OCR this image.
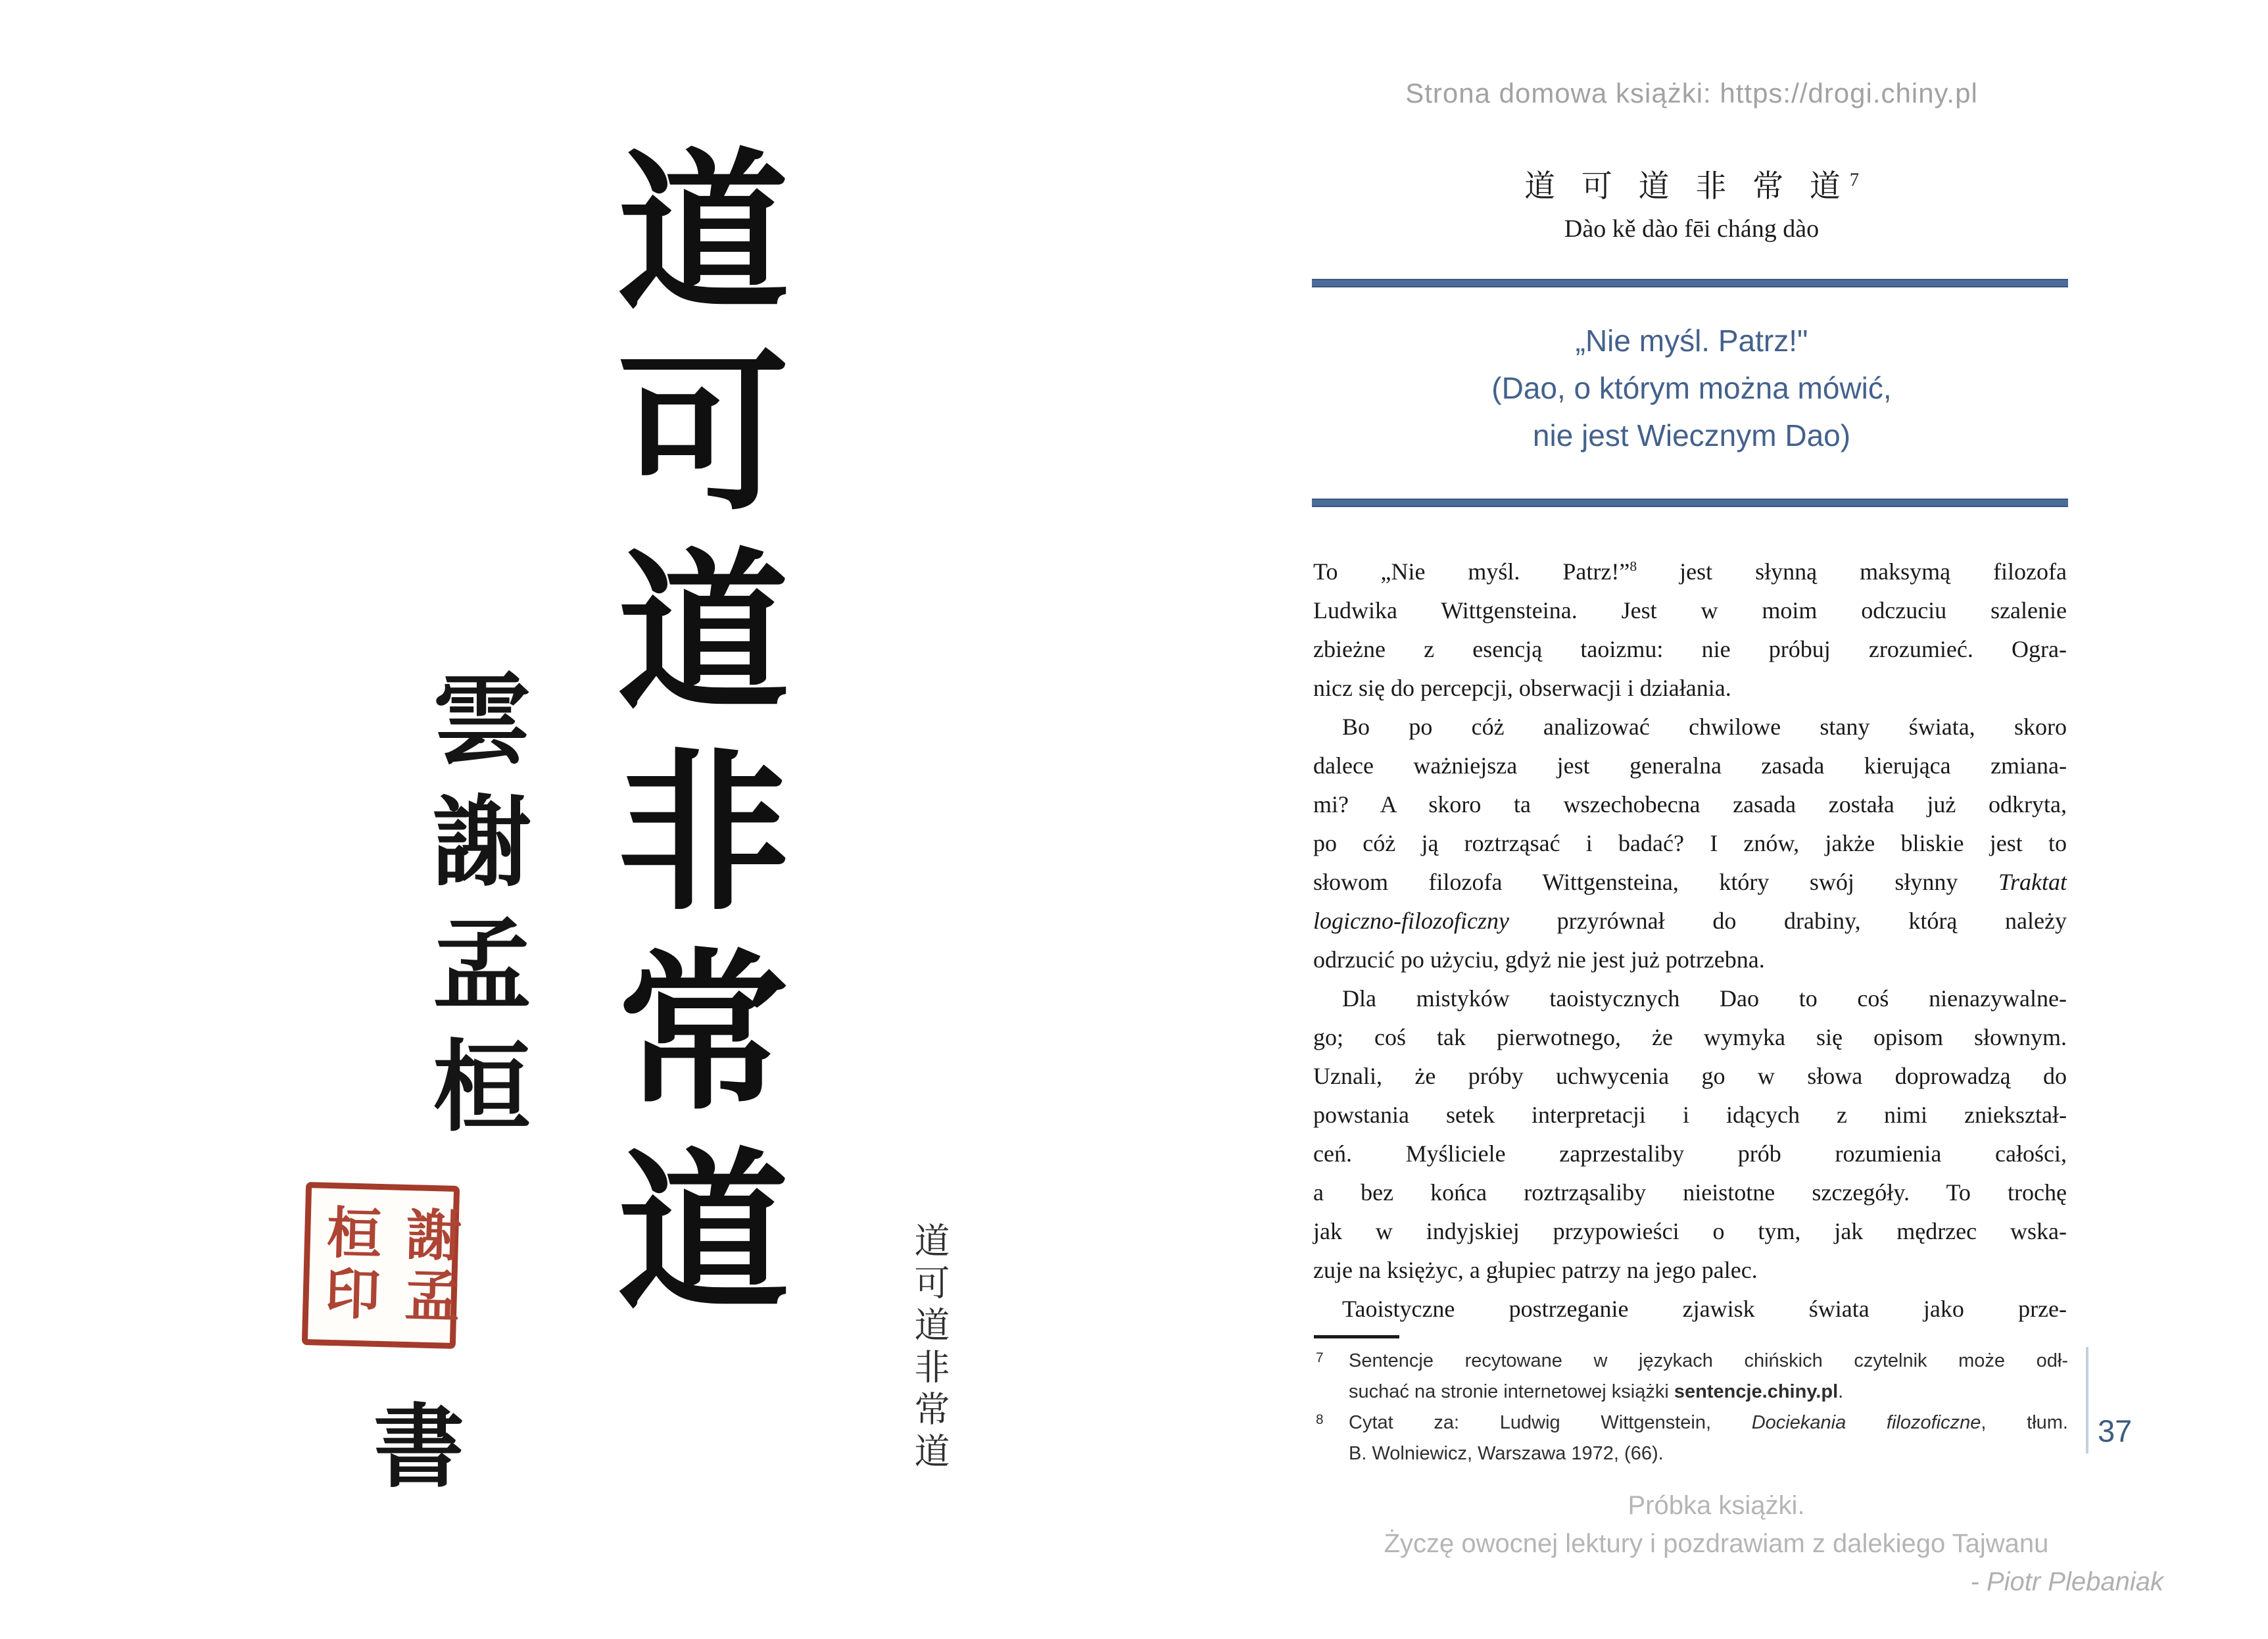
道可道非常道
雲謝孟桓
謝孟
桓印
書	道可道非常道
Strona domowa książki: https://drogi.chiny.pl
道 可 道 非 常 道$^7$
Dào kě dào fēi cháng dào
„Nie myśl. Patrz!"
(Dao, o którym można mówić,
nie jest Wiecznym Dao)
To „Nie myśl. Patrz!”$^8$ jest słynną maksymą filozofa
Ludwika Wittgensteina. Jest w moim odczuciu szalenie
zbieżne z esencją taoizmu: nie próbuj zrozumieć. Ogra-
nicz się do percepcji, obserwacji i działania.
Bo po cóż analizować chwilowe stany świata, skoro
dalece ważniejsza jest generalna zasada kierująca zmiana-
mi? A skoro ta wszechobecna zasada została już odkryta,
po cóż ją roztrząsać i badać? I znów, jakże bliskie jest to
słowom filozofa Wittgensteina, który swój słynny Traktat
logiczno-filozoficzny przyrównał do drabiny, którą należy
odrzucić po użyciu, gdyż nie jest już potrzebna.
Dla mistyków taoistycznych Dao to coś nienazywalne-
go; coś tak pierwotnego, że wymyka się opisom słownym.
Uznali, że próby uchwycenia go w słowa doprowadzą do
powstania setek interpretacji i idących z nimi zniekształ-
ceń. Myśliciele zaprzestaliby prób rozumienia całości,
a bez końca roztrząsaliby nieistotne szczegóły. To trochę
jak w indyjskiej przypowieści o tym, jak mędrzec wska-
zuje na księżyc, a głupiec patrzy na jego palec.
Taoistyczne postrzeganie zjawisk świata jako prze-
7 Sentencje recytowane w językach chińskich czytelnik może odł-
suchać na stronie internetowej książki sentencje.chiny.pl.
8 Cytat za: Ludwig Wittgenstein, Dociekania filozoficzne, tłum.
B. Wolniewicz, Warszawa 1972, (66).
37
Próbka książki.
Życzę owocnej lektury i pozdrawiam z dalekiego Tajwanu
- Piotr Plebaniak
